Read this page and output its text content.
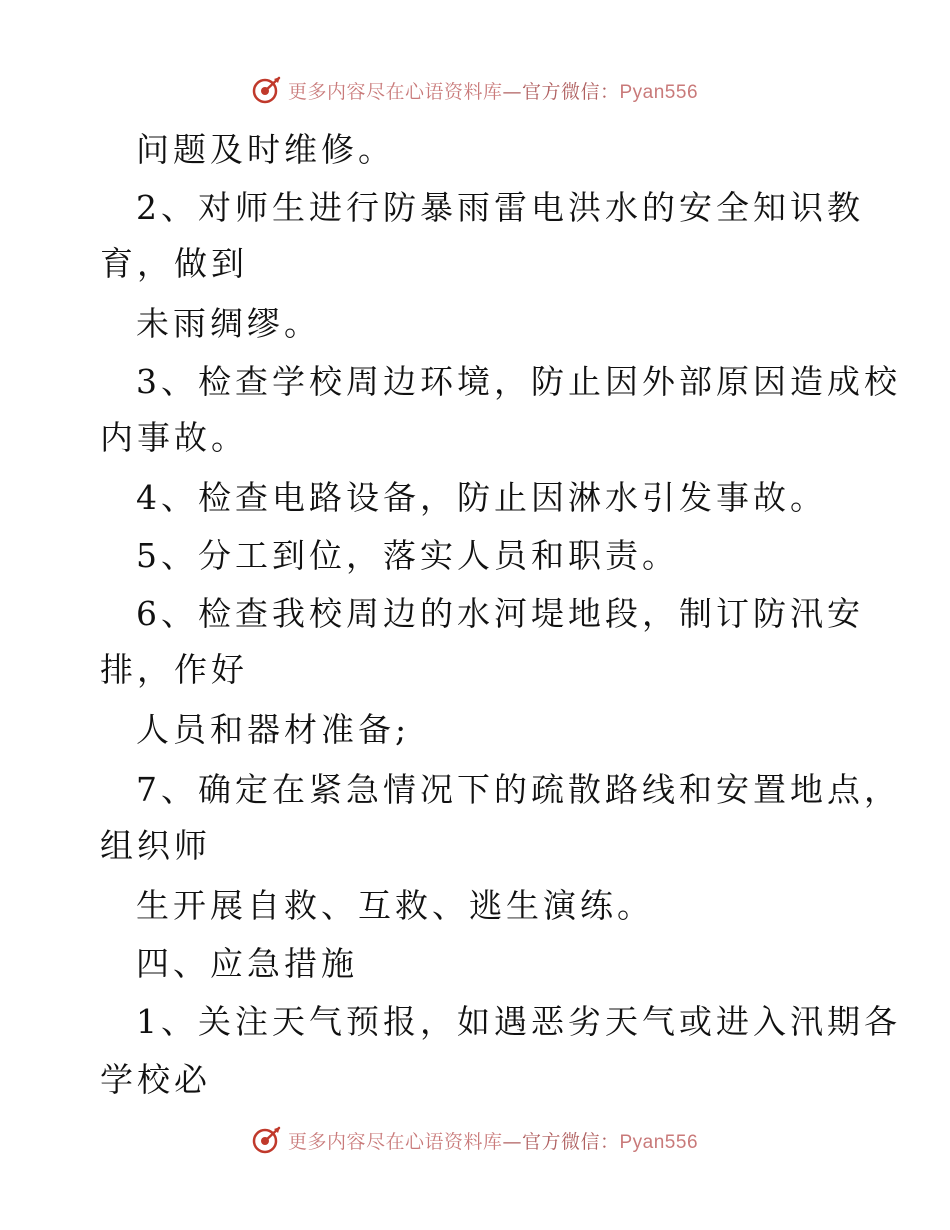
更多内容尽在心语资料库—官方微信：Pyan556
问题及时维修。
2、对师生进行防暴雨雷电洪水的安全知识教
育，做到
未雨绸缪。
3、检查学校周边环境，防止因外部原因造成校
内事故。
4、检查电路设备，防止因淋水引发事故。
5、分工到位，落实人员和职责。
6、检查我校周边的水河堤地段，制订防汛安
排，作好
人员和器材准备;
7、确定在紧急情况下的疏散路线和安置地点，
组织师
生开展自救、互救、逃生演练。
四、应急措施
1、关注天气预报，如遇恶劣天气或进入汛期各
学校必
更多内容尽在心语资料库—官方微信：Pyan556
